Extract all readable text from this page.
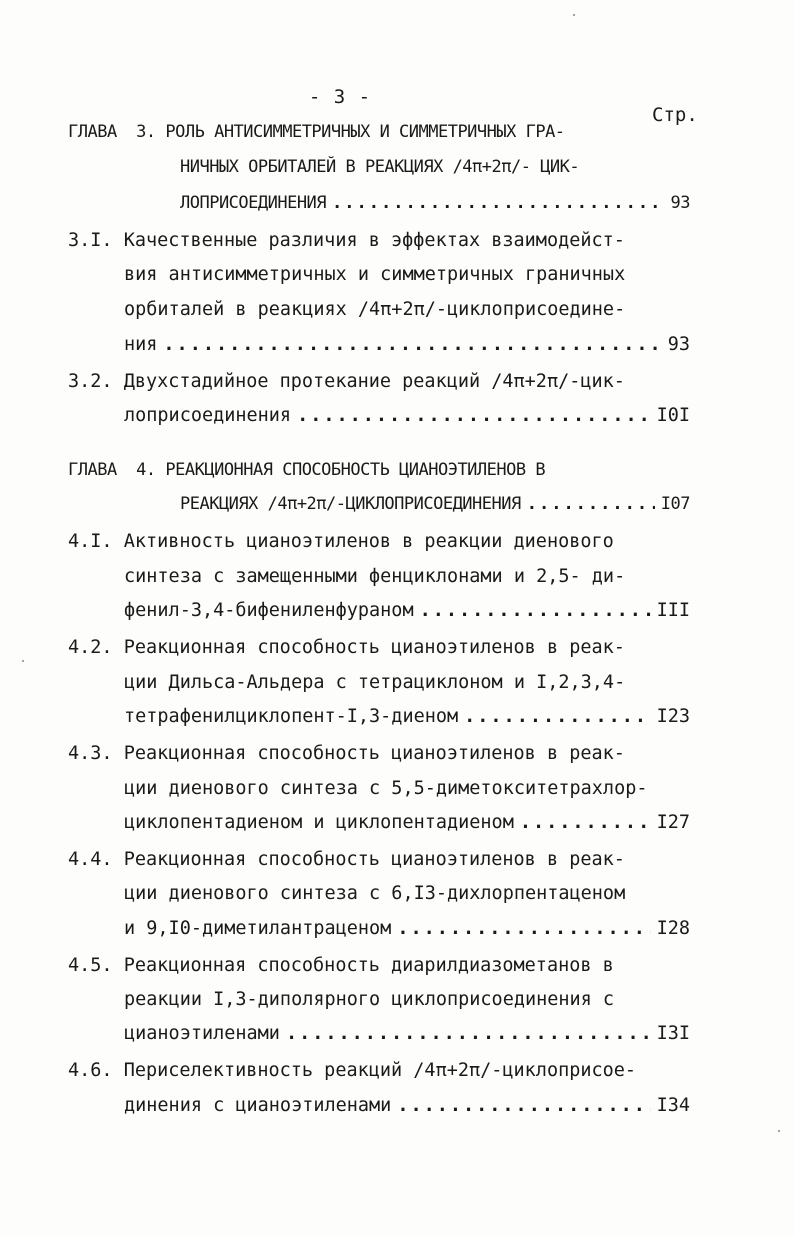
- 3 -
Стр.
ГЛАВА 3. РОЛЬ АНТИСИММЕТРИЧНЫХ И СИММЕТРИЧНЫХ ГРА-
НИЧНЫХ ОРБИТАЛЕЙ В РЕАКЦИЯХ /4π+2π/- ЦИК-
ЛОПРИСОЕДИНЕНИЯ .....	93
3.I. Качественные различия в эффектах взаимодейст-
вия антисимметричных и симметричных граничных
орбиталей в реакциях /4π+2π/-циклоприсоедине-
ния .....	93
3.2. Двухстадийное протекание реакций /4π+2π/-цик-
лоприсоединения .....	I0I
ГЛАВА 4. РЕАКЦИОННАЯ СПОСОБНОСТЬ ЦИАНОЭТИЛЕНОВ В
РЕАКЦИЯХ /4π+2π/-ЦИКЛОПРИСОЕДИНЕНИЯ .....	I07
4.I. Активность цианоэтиленов в реакции диенового
синтеза с замещенными фенциклонами и 2,5- ди-
фенил-3,4-бифениленфураном .....	III
4.2. Реакционная способность цианоэтиленов в реак-
ции Дильса-Альдера с тетрациклоном и I,2,3,4-
тетрафенилциклопент-I,3-диеном .....	I23
4.3. Реакционная способность цианоэтиленов в реак-
ции диенового синтеза с 5,5-диметокситетрахлор-
циклопентадиеном и циклопентадиеном .....	I27
4.4. Реакционная способность цианоэтиленов в реак-
ции диенового синтеза с 6,I3-дихлорпентаценом
и 9,I0-диметилантраценом .....	I28
4.5. Реакционная способность диарилдиазометанов в
реакции I,3-диполярного циклоприсоединения с
цианоэтиленами .....	I3I
4.6. Периселективность реакций /4π+2π/-циклоприсое-
динения с цианоэтиленами .....	I34
